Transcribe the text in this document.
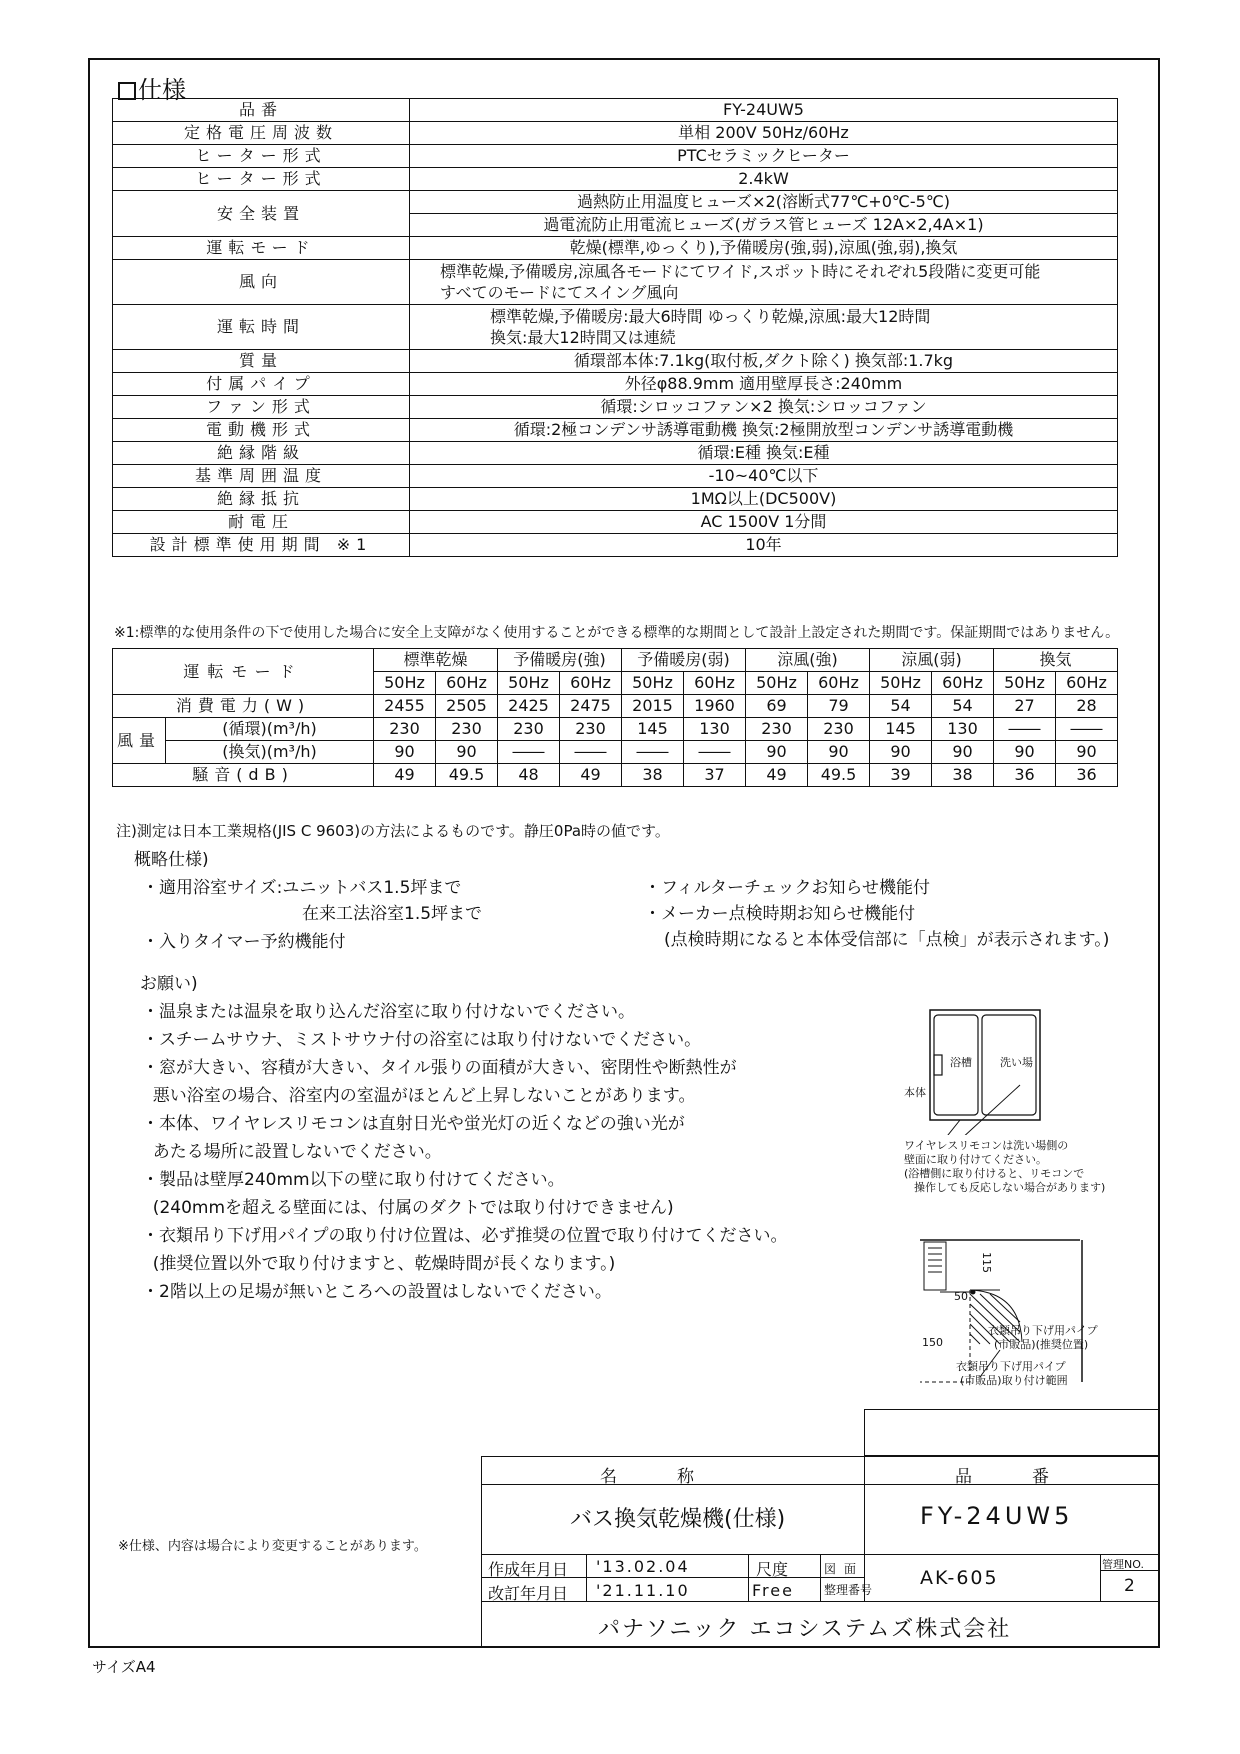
仕様
品番	FY-24UW5
定格電圧周波数	単相 200V 50Hz/60Hz
ヒーター形式	PTCセラミックヒーター
ヒーター形式	2.4kW
安全装置	過熱防止用温度ヒューズ×2(溶断式77℃+0℃-5℃)
	過電流防止用電流ヒューズ(ガラス管ヒューズ 12A×2,4A×1)
運転モード	乾燥(標準,ゆっくり),予備暖房(強,弱),涼風(強,弱),換気
風向	標準乾燥,予備暖房,涼風各モードにてワイド,スポット時にそれぞれ5段階に変更可能
すべてのモードにてスイング風向

運転時間	標準乾燥,予備暖房:最大6時間 ゆっくり乾燥,涼風:最大12時間
換気:最大12時間又は連続

質量	循環部本体:7.1kg(取付板,ダクト除く) 換気部:1.7kg
付属パイプ	外径φ88.9mm 適用壁厚長さ:240mm
ファン形式	循環:シロッコファン×2 換気:シロッコファン
電動機形式	循環:2極コンデンサ誘導電動機 換気:2極開放型コンデンサ誘導電動機
絶縁階級	循環:E種 換気:E種
基準周囲温度	-10~40℃以下
絶縁抵抗	1MΩ以上(DC500V)
耐電圧	AC 1500V 1分間
設計標準使用期間 ※1	10年
※1:標準的な使用条件の下で使用した場合に安全上支障がなく使用することができる標準的な期間として設計上設定された期間です。保証期間ではありません。
運転モード		標準乾燥		予備暖房(強)		予備暖房(弱)		涼風(強)		涼風(弱)		換気	
		50Hz	60Hz	50Hz	60Hz	50Hz	60Hz	50Hz	60Hz	50Hz	60Hz	50Hz	60Hz
消費電力(W)		2455	2505	2425	2475	2015	1960	69	79	54	54	27	28
風量	(循環)(m³/h)	230	230	230	230	145	130	230	230	145	130	――	――
	(換気)(m³/h)	90	90	――	――	――	――	90	90	90	90	90	90
騒音(dB)		49	49.5	48	49	38	37	49	49.5	39	38	36	36
注)測定は日本工業規格(JIS C 9603)の方法によるものです。静圧0Pa時の値です。
概略仕様)
・適用浴室サイズ:ユニットバス1.5坪まで
在来工法浴室1.5坪まで
・入りタイマー予約機能付
・フィルターチェックお知らせ機能付
・メーカー点検時期お知らせ機能付
(点検時期になると本体受信部に「点検」が表示されます。)
お願い)
・温泉または温泉を取り込んだ浴室に取り付けないでください。
・スチームサウナ、ミストサウナ付の浴室には取り付けないでください。
・窓が大きい、容積が大きい、タイル張りの面積が大きい、密閉性や断熱性が
悪い浴室の場合、浴室内の室温がほとんど上昇しないことがあります。
・本体、ワイヤレスリモコンは直射日光や蛍光灯の近くなどの強い光が
あたる場所に設置しないでください。
・製品は壁厚240mm以下の壁に取り付けてください。
(240mmを超える壁面には、付属のダクトでは取り付けできません)
・衣類吊り下げ用パイプの取り付け位置は、必ず推奨の位置で取り付けてください。
(推奨位置以外で取り付けますと、乾燥時間が長くなります。)
・2階以上の足場が無いところへの設置はしないでください。
浴槽	洗い場
本体
ワイヤレスリモコンは洗い場側の
壁面に取り付けてください。
(浴槽側に取り付けると、リモコンで
操作しても反応しない場合があります)
115
50
150
衣類吊り下げ用パイプ
(市販品)(推奨位置)
衣類吊り下げ用パイプ
(市販品)取り付け範囲
名称	品番
バス換気乾燥機(仕様)	FY-24UW5
作成年月日 '13.02.04
改訂年月日 '21.11.10
尺度
Free
図面
整理番号
AK-605
管理NO.
2
パナソニック エコシステムズ株式会社
※仕様、内容は場合により変更することがあります。
サイズA4
